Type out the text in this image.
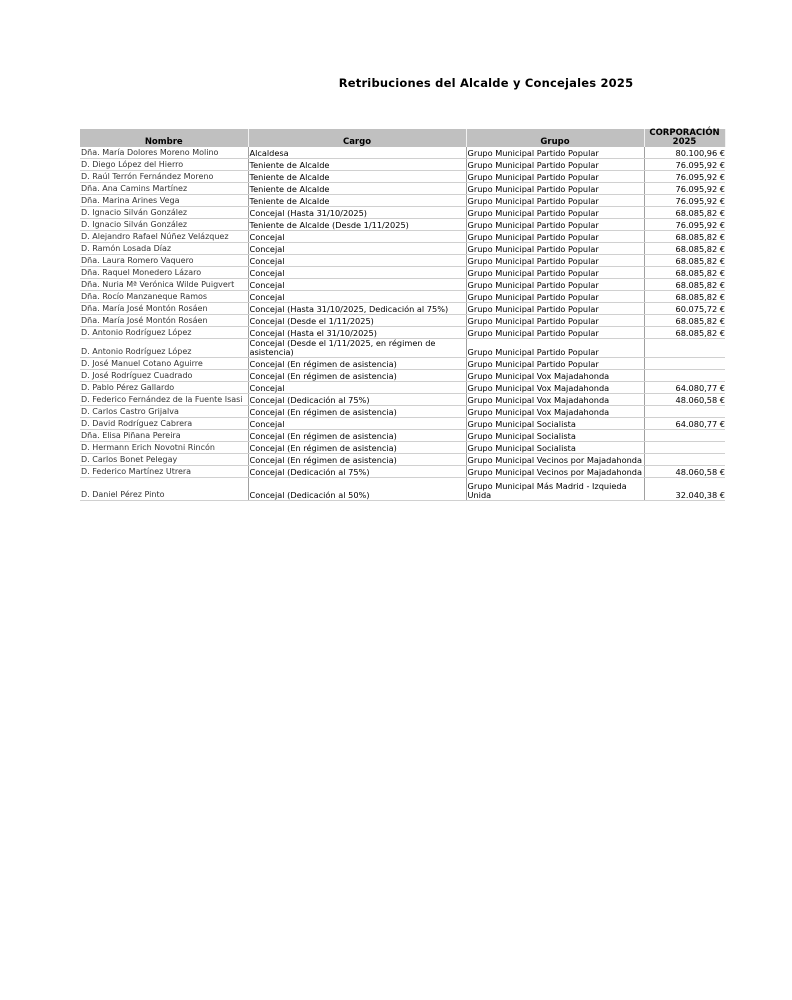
Retribuciones del Alcalde y Concejales 2025
Nombre	Cargo	Grupo	CORPORACIÓN 2025
Dña. María Dolores Moreno Molino	Alcaldesa	Grupo Municipal Partido Popular	80.100,96 €
D. Diego López del Hierro	Teniente de Alcalde	Grupo Municipal Partido Popular	76.095,92 €
D. Raúl Terrón Fernández Moreno	Teniente de Alcalde	Grupo Municipal Partido Popular	76.095,92 €
Dña. Ana Camins Martínez	Teniente de Alcalde	Grupo Municipal Partido Popular	76.095,92 €
Dña. Marina Arines Vega	Teniente de Alcalde	Grupo Municipal Partido Popular	76.095,92 €
D. Ignacio Silván González	Concejal (Hasta 31/10/2025)	Grupo Municipal Partido Popular	68.085,82 €
D. Ignacio Silván González	Teniente de Alcalde (Desde 1/11/2025)	Grupo Municipal Partido Popular	76.095,92 €
D. Alejandro Rafael Núñez Velázquez	Concejal	Grupo Municipal Partido Popular	68.085,82 €
D. Ramón Losada Díaz	Concejal	Grupo Municipal Partido Popular	68.085,82 €
Dña. Laura Romero Vaquero	Concejal	Grupo Municipal Partido Popular	68.085,82 €
Dña. Raquel Monedero Lázaro	Concejal	Grupo Municipal Partido Popular	68.085,82 €
Dña. Nuria Mª Verónica Wilde Puigvert	Concejal	Grupo Municipal Partido Popular	68.085,82 €
Dña. Rocío Manzaneque Ramos	Concejal	Grupo Municipal Partido Popular	68.085,82 €
Dña. María José Montón Rosáen	Concejal (Hasta 31/10/2025, Dedicación al 75%)	Grupo Municipal Partido Popular	60.075,72 €
Dña. María José Montón Rosáen	Concejal (Desde el 1/11/2025)	Grupo Municipal Partido Popular	68.085,82 €
D. Antonio Rodríguez López	Concejal (Hasta el 31/10/2025)	Grupo Municipal Partido Popular	68.085,82 €
D. Antonio Rodríguez López	Concejal (Desde el 1/11/2025, en régimen de asistencia)	Grupo Municipal Partido Popular	
D. José Manuel Cotano Aguirre	Concejal (En régimen de asistencia)	Grupo Municipal Partido Popular	
D. José Rodríguez Cuadrado	Concejal (En régimen de asistencia)	Grupo Municipal Vox Majadahonda	
D. Pablo Pérez Gallardo	Concejal	Grupo Municipal Vox Majadahonda	64.080,77 €
D. Federico Fernández de la Fuente Isasi	Concejal (Dedicación al 75%)	Grupo Municipal Vox Majadahonda	48.060,58 €
D. Carlos Castro Grijalva	Concejal (En régimen de asistencia)	Grupo Municipal Vox Majadahonda	
D. David Rodríguez Cabrera	Concejal	Grupo Municipal Socialista	64.080,77 €
Dña. Elisa Piñana Pereira	Concejal (En régimen de asistencia)	Grupo Municipal Socialista	
D. Hermann Erich Novotni Rincón	Concejal (En régimen de asistencia)	Grupo Municipal Socialista	
D. Carlos Bonet Pelegay	Concejal (En régimen de asistencia)	Grupo Municipal Vecinos por Majadahonda	
D. Federico Martínez Utrera	Concejal (Dedicación al 75%)	Grupo Municipal Vecinos por Majadahonda	48.060,58 €
D. Daniel Pérez Pinto	Concejal (Dedicación al 50%)	Grupo Municipal Más Madrid - Izquieda Unida	32.040,38 €
